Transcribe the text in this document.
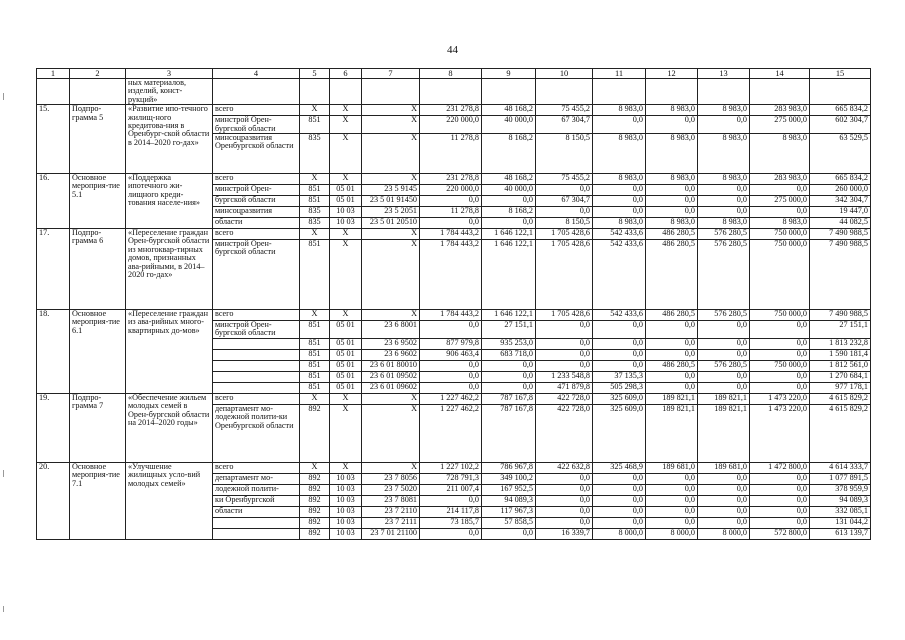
44
1	2	3	4	5	6	7	8	9	10	11	12	13	14	15
		ных материалов, изделий, конст-рукций»												
15.	Подпро-грамма 5	«Развитие ипо-течного жилищ-ного кредитова-ния в Оренбург-ской области в 2014–2020 го-дах»	всего	X	X	X	231 278,8	48 168,2	75 455,2	8 983,0	8 983,0	8 983,0	283 983,0	665 834,2
			минстрой Орен-бургской области	851	X	X	220 000,0	40 000,0	67 304,7	0,0	0,0	0,0	275 000,0	602 304,7
			минсоцразвития Оренбургской области	835	X	X	11 278,8	8 168,2	8 150,5	8 983,0	8 983,0	8 983,0	8 983,0	63 529,5
16.	Основное мероприя-тие 5.1	«Поддержка ипотечного жи-лищного креди-тования населе-ния»	всего	X	X	X	231 278,8	48 168,2	75 455,2	8 983,0	8 983,0	8 983,0	283 983,0	665 834,2
			минстрой Орен-	851	05 01	23 5 9145	220 000,0	40 000,0	0,0	0,0	0,0	0,0	0,0	260 000,0
			бургской области	851	05 01	23 5 01 91450	0,0	0,0	67 304,7	0,0	0,0	0,0	275 000,0	342 304,7
			минсоцразвития	835	10 03	23 5 2051	11 278,8	8 168,2	0,0	0,0	0,0	0,0	0,0	19 447,0
			области	835	10 03	23 5 01 20510	0,0	0,0	8 150,5	8 983,0	8 983,0	8 983,0	8 983,0	44 082,5
17.	Подпро-грамма 6	«Переселение граждан Орен-бургской области из многоквар-тирных домов, признанных ава-рийными, в 2014–2020 го-дах»	всего	X	X	X	1 784 443,2	1 646 122,1	1 705 428,6	542 433,6	486 280,5	576 280,5	750 000,0	7 490 988,5
			минстрой Орен-бургской области	851	X	X	1 784 443,2	1 646 122,1	1 705 428,6	542 433,6	486 280,5	576 280,5	750 000,0	7 490 988,5
18.	Основное мероприя-тие 6.1	«Переселение граждан из ава-рийных много-квартирных до-мов»	всего	X	X	X	1 784 443,2	1 646 122,1	1 705 428,6	542 433,6	486 280,5	576 280,5	750 000,0	7 490 988,5
			минстрой Орен-бургской области	851	05 01	23 6 8001	0,0	27 151,1	0,0	0,0	0,0	0,0	0,0	27 151,1
				851	05 01	23 6 9502	877 979,8	935 253,0	0,0	0,0	0,0	0,0	0,0	1 813 232,8
				851	05 01	23 6 9602	906 463,4	683 718,0	0,0	0,0	0,0	0,0	0,0	1 590 181,4
				851	05 01	23 6 01 80010	0,0	0,0	0,0	0,0	486 280,5	576 280,5	750 000,0	1 812 561,0
				851	05 01	23 6 01 09502	0,0	0,0	1 233 548,8	37 135,3	0,0	0,0	0,0	1 270 684,1
				851	05 01	23 6 01 09602	0,0	0,0	471 879,8	505 298,3	0,0	0,0	0,0	977 178,1
19.	Подпро-грамма 7	«Обеспечение жильем молодых семей в Орен-бургской области на 2014–2020 годы»	всего	X	X	X	1 227 462,2	787 167,8	422 728,0	325 609,0	189 821,1	189 821,1	1 473 220,0	4 615 829,2
			департамент мо-лодежной полити-ки Оренбургской области	892	X	X	1 227 462,2	787 167,8	422 728,0	325 609,0	189 821,1	189 821,1	1 473 220,0	4 615 829,2
20.	Основное мероприя-тие 7.1	«Улучшение жилищных усло-вий молодых семей»	всего	X	X	X	1 227 102,2	786 967,8	422 632,8	325 468,9	189 681,0	189 681,0	1 472 800,0	4 614 333,7
			департамент мо-	892	10 03	23 7 8056	728 791,3	349 100,2	0,0	0,0	0,0	0,0	0,0	1 077 891,5
			лодежной полити-	892	10 03	23 7 5020	211 007,4	167 952,5	0,0	0,0	0,0	0,0	0,0	378 959,9
			ки Оренбургской	892	10 03	23 7 8081	0,0	94 089,3	0,0	0,0	0,0	0,0	0,0	94 089,3
			области	892	10 03	23 7 2110	214 117,8	117 967,3	0,0	0,0	0,0	0,0	0,0	332 085,1
				892	10 03	23 7 2111	73 185,7	57 858,5	0,0	0,0	0,0	0,0	0,0	131 044,2
				892	10 03	23 7 01 21100	0,0	0,0	16 339,7	8 000,0	8 000,0	8 000,0	572 800,0	613 139,7
